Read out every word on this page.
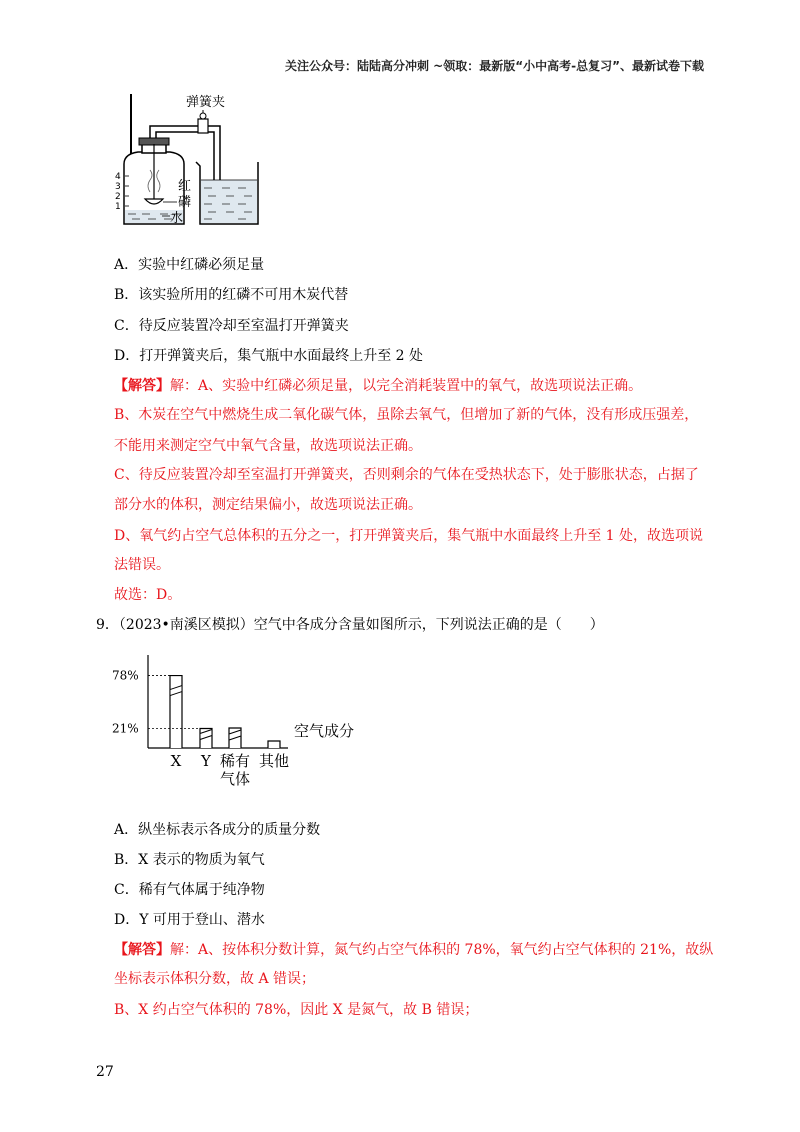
关注公众号：陆陆高分冲刺 ~领取：最新版“小中高考-总复习”、最新试卷下载
4
3
2
1
弹簧夹
红
磷
水
A．实验中红磷必须足量
B．该实验所用的红磷不可用木炭代替
C．待反应装置冷却至室温打开弹簧夹
D．打开弹簧夹后，集气瓶中水面最终上升至 2 处
【解答】解：A、实验中红磷必须足量，以完全消耗装置中的氧气，故选项说法正确。
B、木炭在空气中燃烧生成二氧化碳气体，虽除去氧气，但增加了新的气体，没有形成压强差，
不能用来测定空气中氧气含量，故选项说法正确。
C、待反应装置冷却至室温打开弹簧夹，否则剩余的气体在受热状态下，处于膨胀状态，占据了
部分水的体积，测定结果偏小，故选项说法正确。
D、氧气约占空气总体积的五分之一，打开弹簧夹后，集气瓶中水面最终上升至 1 处，故选项说
法错误。
故选：D。
9．（2023•南溪区模拟）空气中各成分含量如图所示，下列说法正确的是（　　）
空气成分
78%
21%
X Y 稀有
气体
其他
A．纵坐标表示各成分的质量分数
B．X 表示的物质为氧气
C．稀有气体属于纯净物
D．Y 可用于登山、潜水
【解答】解：A、按体积分数计算，氮气约占空气体积的 78%，氧气约占空气体积的 21%，故纵
坐标表示体积分数，故 A 错误；
B、X 约占空气体积的 78%，因此 X 是氮气，故 B 错误；
27
